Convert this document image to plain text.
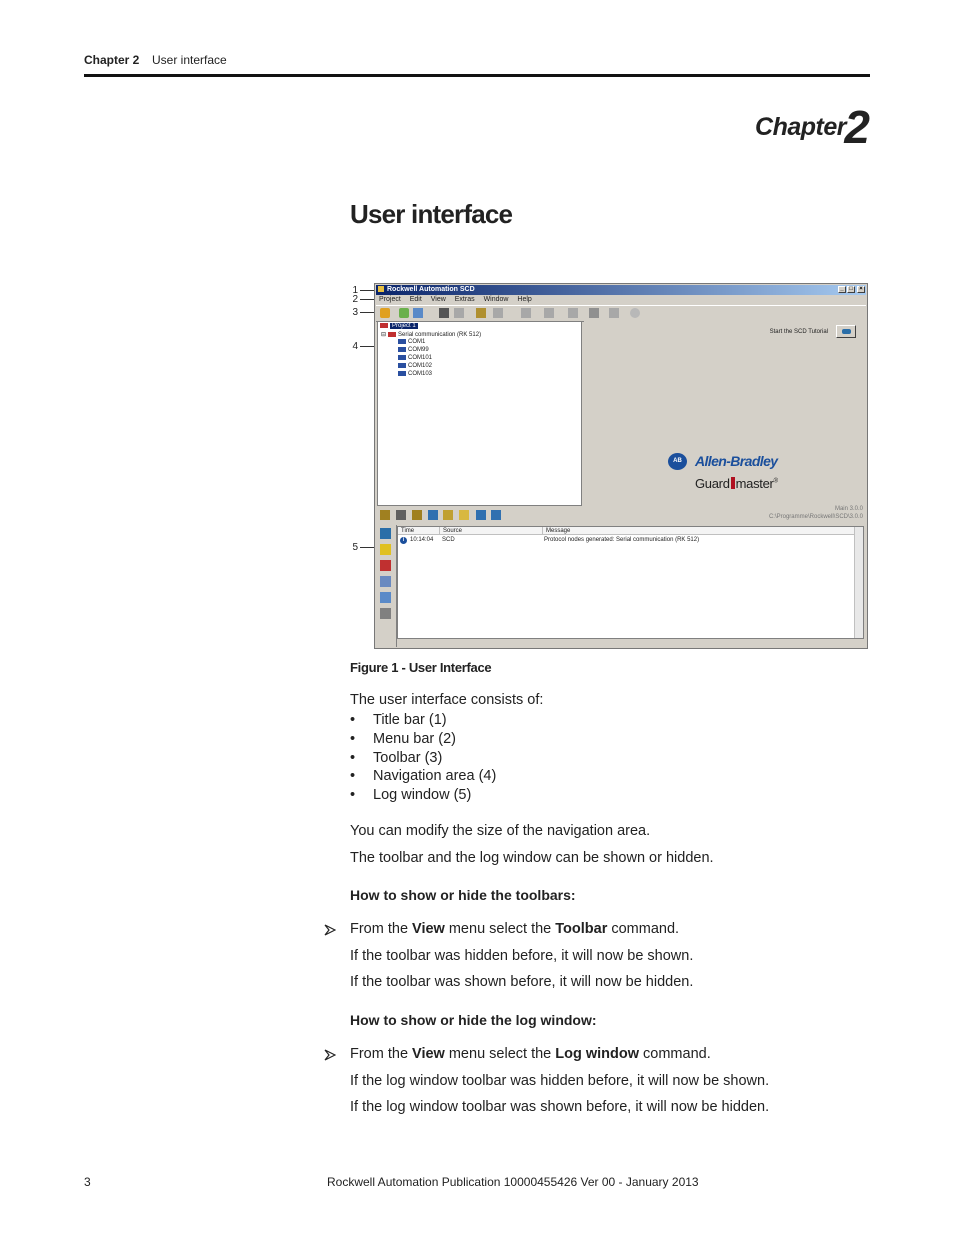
Chapter 2 User interface
Chapter
2
User interface
1
2
3
4
5
Rockwell Automation SCD	_ □	×
Project Edit View Extras Window Help
Project 1
⊟ Serial communication (RK 512)
COM1
COM99
COM101
COM102
COM103
Start the SCD Tutorial
AB Allen-Bradley
Guard master®
Main 3.0.0
C:\Programme\Rockwell\SCD\3.0.0
Time	Source	Message
i 10:14:04 SCD	Protocol nodes generated: Serial communication (RK 512)
Figure 1 - User Interface
The user interface consists of:
• Title bar (1)
• Menu bar (2)
• Toolbar (3)
• Navigation area (4)
• Log window (5)
You can modify the size of the navigation area.
The toolbar and the log window can be shown or hidden.
How to show or hide the toolbars:
From the View menu select the Toolbar command.
If the toolbar was hidden before, it will now be shown.
If the toolbar was shown before, it will now be hidden.
How to show or hide the log window:
From the View menu select the Log window command.
If the log window toolbar was hidden before, it will now be shown.
If the log window toolbar was shown before, it will now be hidden.
3	Rockwell Automation Publication 10000455426 Ver 00 - January 2013
